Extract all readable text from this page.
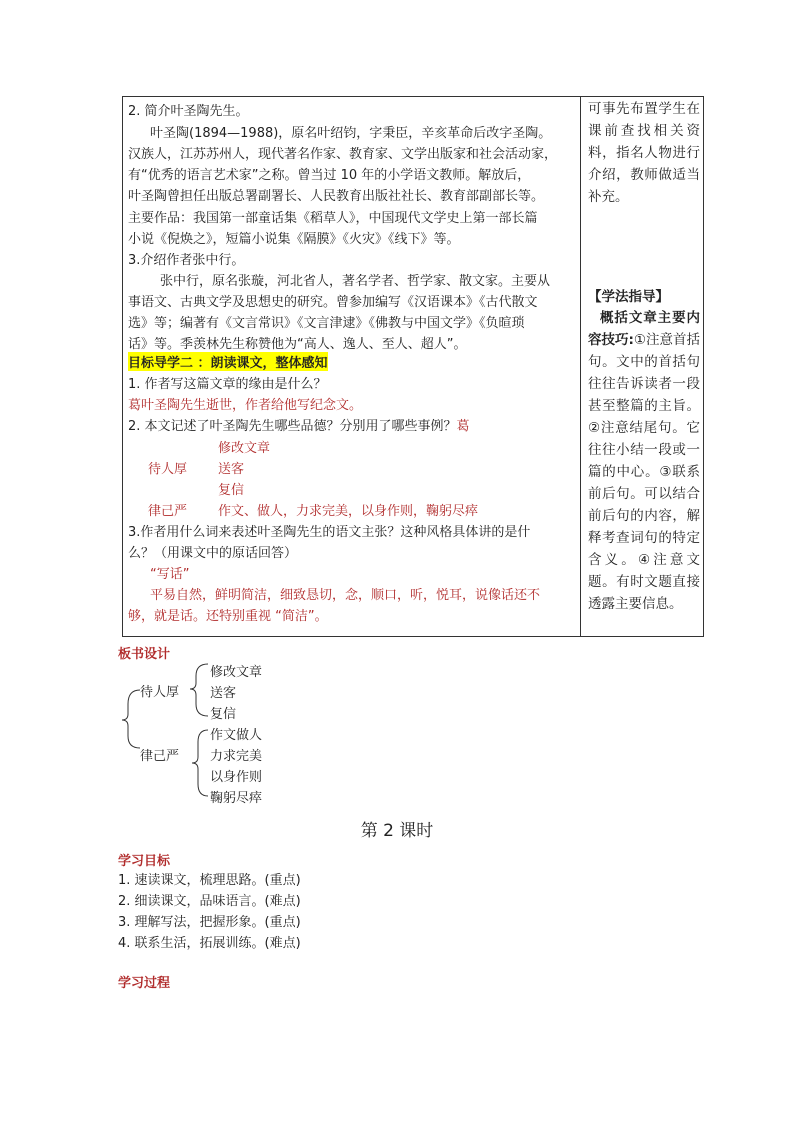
2. 简介叶圣陶先生。
叶圣陶(1894—1988)，原名叶绍钧，字秉臣，辛亥革命后改字圣陶。
汉族人，江苏苏州人，现代著名作家、教育家、文学出版家和社会活动家，
有“优秀的语言艺术家”之称。曾当过 10 年的小学语文教师。解放后，
叶圣陶曾担任出版总署副署长、人民教育出版社社长、教育部副部长等。
主要作品：我国第一部童话集《稻草人》，中国现代文学史上第一部长篇
小说《倪焕之》，短篇小说集《隔膜》《火灾》《线下》等。
3.介绍作者张中行。
张中行，原名张璇，河北省人，著名学者、哲学家、散文家。主要从
事语文、古典文学及思想史的研究。曾参加编写《汉语课本》《古代散文
选》等；编著有《文言常识》《文言津逮》《佛教与中国文学》《负暄琐
话》等。季羡林先生称赞他为“高人、逸人、至人、超人”。
目标导学二 ：朗读课文，整体感知
1. 作者写这篇文章的缘由是什么？
葛叶圣陶先生逝世，作者给他写纪念文。
2. 本文记述了叶圣陶先生哪些品德？分别用了哪些事例？葛
修改文章
待人厚 送客
复信
律己严 作文、做人，力求完美，以身作则，鞠躬尽瘁
3.作者用什么词来表述叶圣陶先生的语文主张？这种风格具体讲的是什
么？（用课文中的原话回答）
“写话”
平易自然，鲜明简洁，细致恳切，念，顺口，听，悦耳，说像话还不
够，就是话。还特别重视 “简洁”。
可事先布置学生在课前查找相关资料，指名人物进行介绍，教师做适当补充。
【学法指导】
概括文章主要内容技巧:①注意首括句。文中的首括句往往告诉读者一段甚至整篇的主旨。②注意结尾句。它往往小结一段或一篇的中心。③联系前后句。可以结合前后句的内容，解释考查词句的特定含义。④注意文题。有时文题直接透露主要信息。
板书设计
待人厚
修改文章
送客
复信
律己严
作文做人
力求完美
以身作则
鞠躬尽瘁
第 2 课时
学习目标
1. 速读课文，梳理思路。(重点)
2. 细读课文，品味语言。(难点)
3. 理解写法，把握形象。(重点)
4. 联系生活，拓展训练。(难点)
学习过程
